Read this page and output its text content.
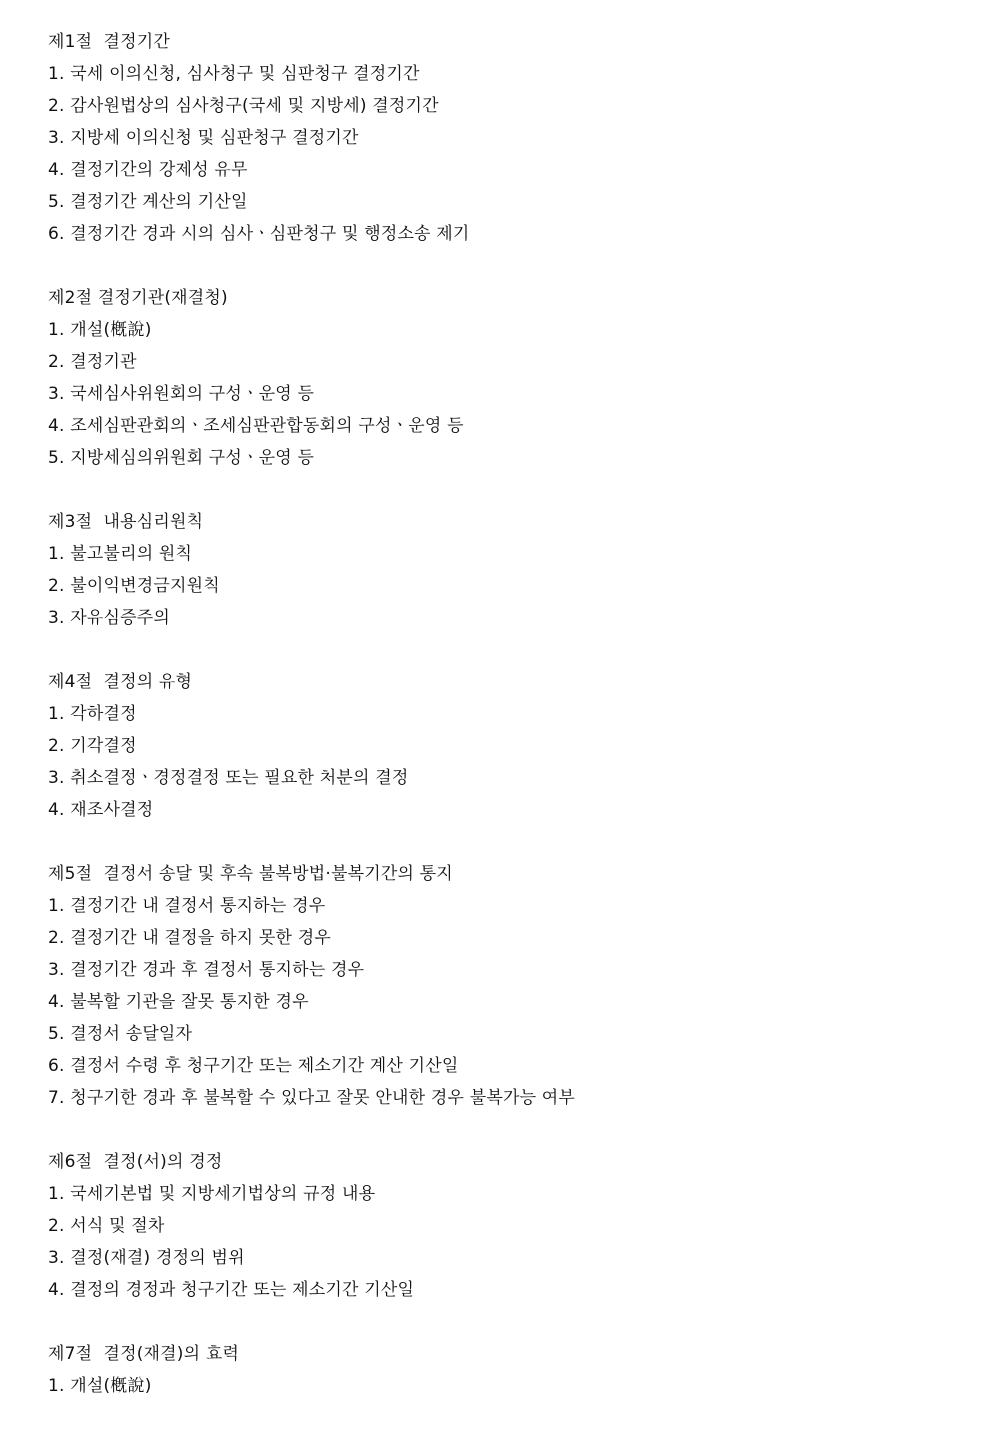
제1절  결정기간
1. 국세 이의신청, 심사청구 및 심판청구 결정기간
2. 감사원법상의 심사청구(국세 및 지방세) 결정기간
3. 지방세 이의신청 및 심판청구 결정기간
4. 결정기간의 강제성 유무
5. 결정기간 계산의 기산일
6. 결정기간 경과 시의 심사ㆍ심판청구 및 행정소송 제기
제2절 결정기관(재결청)
1. 개설(槪說)
2. 결정기관
3. 국세심사위원회의 구성ㆍ운영 등
4. 조세심판관회의ㆍ조세심판관합동회의 구성ㆍ운영 등
5. 지방세심의위원회 구성ㆍ운영 등
제3절  내용심리원칙
1. 불고불리의 원칙
2. 불이익변경금지원칙
3. 자유심증주의
제4절  결정의 유형
1. 각하결정
2. 기각결정
3. 취소결정ㆍ경정결정 또는 필요한 처분의 결정
4. 재조사결정
제5절  결정서 송달 및 후속 불복방법·불복기간의 통지
1. 결정기간 내 결정서 통지하는 경우
2. 결정기간 내 결정을 하지 못한 경우
3. 결정기간 경과 후 결정서 통지하는 경우
4. 불복할 기관을 잘못 통지한 경우
5. 결정서 송달일자
6. 결정서 수령 후 청구기간 또는 제소기간 계산 기산일
7. 청구기한 경과 후 불복할 수 있다고 잘못 안내한 경우 불복가능 여부
제6절  결정(서)의 경정
1. 국세기본법 및 지방세기법상의 규정 내용
2. 서식 및 절차
3. 결정(재결) 경정의 범위
4. 결정의 경정과 청구기간 또는 제소기간 기산일
제7절  결정(재결)의 효력
1. 개설(槪說)
